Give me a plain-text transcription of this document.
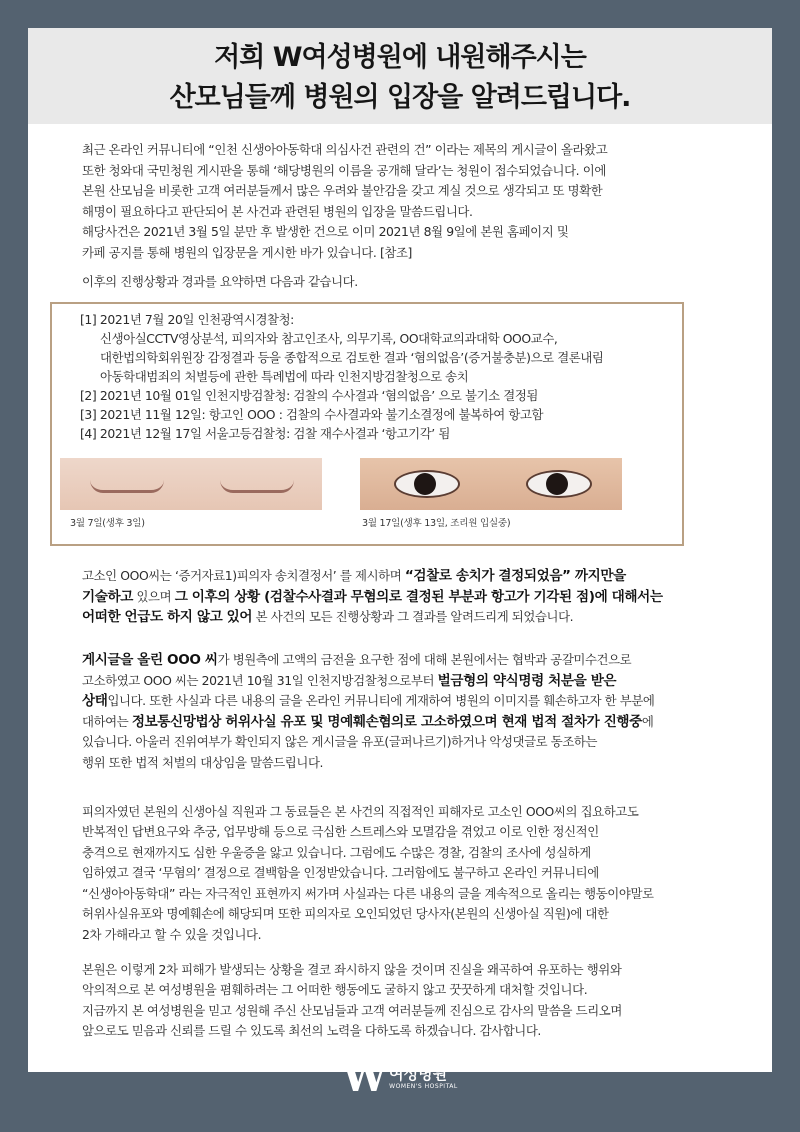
저희 W여성병원에 내원해주시는
산모님들께 병원의 입장을 알려드립니다.

최근 온라인 커뮤니티에 “인천 신생아아동학대 의심사건 관련의 건” 이라는 제목의 게시글이 올라왔고

또한 청와대 국민청원 게시판을 통해 ‘해당병원의 이름을 공개해 달라’는 청원이 접수되었습니다. 이에

본원 산모님을 비롯한 고객 여러분들께서 많은 우려와 불안감을 갖고 계실 것으로 생각되고 또 명확한

해명이 필요하다고 판단되어 본 사건과 관련된 병원의 입장을 말씀드립니다.

해당사건은 2021년 3월 5일 분만 후 발생한 건으로 이미 2021년 8월 9일에 본원 홈페이지 및

카페 공지를 통해 병원의 입장문을 게시한 바가 있습니다. [참조]

이후의 진행상황과 경과를 요약하면 다음과 같습니다.

[1] 2021년 7월 20일 인천광역시경찰청:
신생아실CCTV영상분석, 피의자와 참고인조사, 의무기록, OO대학교의과대학 OOO교수,
대한법의학회위원장 감정결과 등을 종합적으로 검토한 결과 ‘혐의없음’(증거불충분)으로 결론내림
아동학대범죄의 처벌등에 관한 특례법에 따라 인천지방검찰청으로 송치
[2] 2021년 10월 01일 인천지방검찰청: 검찰의 수사결과 ‘혐의없음’ 으로 불기소 결정됨
[3] 2021년 11월 12일: 항고인 OOO : 검찰의 수사결과와 불기소결정에 불복하여 항고함
[4] 2021년 12월 17일 서울고등검찰청: 검찰 재수사결과 ‘항고기각’ 됨
3월 7일(생후 3일)	3월 17일(생후 13일, 조리원 입실중)

고소인 OOO씨는 ‘증거자료1)피의자 송치결정서’ 를 제시하며 “검찰로 송치가 결정되었음” 까지만을

기술하고 있으며 그 이후의 상황 (검찰수사결과 무혐의로 결정된 부분과 항고가 기각된 점)에 대해서는

어떠한 언급도 하지 않고 있어 본 사건의 모든 진행상황과 그 결과를 알려드리게 되었습니다.

게시글을 올린 OOO 씨가 병원측에 고액의 금전을 요구한 점에 대해 본원에서는 협박과 공갈미수건으로

고소하였고 OOO 씨는 2021년 10월 31일 인천지방검찰청으로부터 벌금형의 약식명령 처분을 받은

상태입니다. 또한 사실과 다른 내용의 글을 온라인 커뮤니티에 게재하여 병원의 이미지를 훼손하고자 한 부분에

대하여는 정보통신망법상 허위사실 유포 및 명예훼손혐의로 고소하였으며 현재 법적 절차가 진행중에

있습니다. 아울러 진위여부가 확인되지 않은 게시글을 유포(글퍼나르기)하거나 악성댓글로 동조하는

행위 또한 법적 처벌의 대상임을 말씀드립니다.

피의자였던 본원의 신생아실 직원과 그 동료들은 본 사건의 직접적인 피해자로 고소인 OOO씨의 집요하고도

반복적인 답변요구와 추궁, 업무방해 등으로 극심한 스트레스와 모멸감을 겪었고 이로 인한 정신적인

충격으로 현재까지도 심한 우울증을 앓고 있습니다. 그럼에도 수많은 경찰, 검찰의 조사에 성실하게

임하였고 결국 ‘무혐의’ 결정으로 결백함을 인정받았습니다. 그러함에도 불구하고 온라인 커뮤니티에

“신생아아동학대” 라는 자극적인 표현까지 써가며 사실과는 다른 내용의 글을 계속적으로 올리는 행동이야말로

허위사실유포와 명예훼손에 해당되며 또한 피의자로 오인되었던 당사자(본원의 신생아실 직원)에 대한

2차 가해라고 할 수 있을 것입니다.

본원은 이렇게 2차 피해가 발생되는 상황을 결코 좌시하지 않을 것이며 진실을 왜곡하여 유포하는 행위와

악의적으로 본 여성병원을 폄훼하려는 그 어떠한 행동에도 굴하지 않고 꿋꿋하게 대처할 것입니다.

지금까지 본 여성병원을 믿고 성원해 주신 산모님들과 고객 여러분들께 진심으로 감사의 말씀을 드리오며

앞으로도 믿음과 신뢰를 드릴 수 있도록 최선의 노력을 다하도록 하겠습니다. 감사합니다.

W 여성병원
WOMEN'S HOSPITAL
